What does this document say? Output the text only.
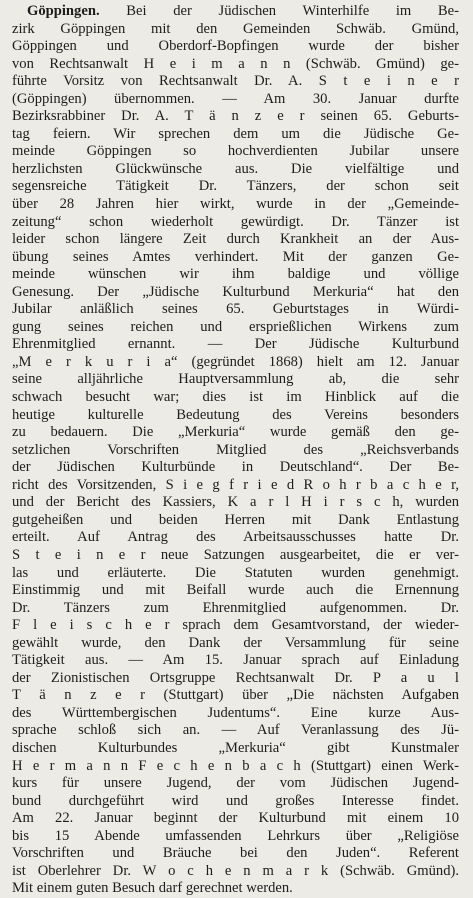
Göppingen. Bei der Jüdischen Winterhilfe im Be-
zirk Göppingen mit den Gemeinden Schwäb. Gmünd,
Göppingen und Oberdorf-Bopfingen wurde der bisher
von Rechtsanwalt H e i m a n n (Schwäb. Gmünd) ge-
führte Vorsitz von Rechtsanwalt Dr. A. S t e i n e r
(Göppingen) übernommen. — Am 30. Januar durfte
Bezirksrabbiner Dr. A. T ä n z e r seinen 65. Geburts-
tag feiern. Wir sprechen dem um die Jüdische Ge-
meinde Göppingen so hochverdienten Jubilar unsere
herzlichsten Glückwünsche aus. Die vielfältige und
segensreiche Tätigkeit Dr. Tänzers, der schon seit
über 28 Jahren hier wirkt, wurde in der „Gemeinde-
zeitung“ schon wiederholt gewürdigt. Dr. Tänzer ist
leider schon längere Zeit durch Krankheit an der Aus-
übung seines Amtes verhindert. Mit der ganzen Ge-
meinde wünschen wir ihm baldige und völlige
Genesung. Der „Jüdische Kulturbund Merkuria“ hat den
Jubilar anläßlich seines 65. Geburtstages in Würdi-
gung seines reichen und ersprießlichen Wirkens zum
Ehrenmitglied ernannt. — Der Jüdische Kulturbund
„M e r k u r i a“ (gegründet 1868) hielt am 12. Januar
seine alljährliche Hauptversammlung ab, die sehr
schwach besucht war; dies ist im Hinblick auf die
heutige kulturelle Bedeutung des Vereins besonders
zu bedauern. Die „Merkuria“ wurde gemäß den ge-
setzlichen Vorschriften Mitglied des „Reichsverbands
der Jüdischen Kulturbünde in Deutschland“. Der Be-
richt des Vorsitzenden, S i e g f r i e d R o h r b a c h e r,
und der Bericht des Kassiers, K a r l H i r s c h, wurden
gutgeheißen und beiden Herren mit Dank Entlastung
erteilt. Auf Antrag des Arbeitsausschusses hatte Dr.
S t e i n e r neue Satzungen ausgearbeitet, die er ver-
las und erläuterte. Die Statuten wurden genehmigt.
Einstimmig und mit Beifall wurde auch die Ernennung
Dr. Tänzers zum Ehrenmitglied aufgenommen. Dr.
F l e i s c h e r sprach dem Gesamtvorstand, der wieder-
gewählt wurde, den Dank der Versammlung für seine
Tätigkeit aus. — Am 15. Januar sprach auf Einladung
der Zionistischen Ortsgruppe Rechtsanwalt Dr. P a u l
T ä n z e r (Stuttgart) über „Die nächsten Aufgaben
des Württembergischen Judentums“. Eine kurze Aus-
sprache schloß sich an. — Auf Veranlassung des Jü-
dischen Kulturbundes „Merkuria“ gibt Kunstmaler
H e r m a n n F e c h e n b a c h (Stuttgart) einen Werk-
kurs für unsere Jugend, der vom Jüdischen Jugend-
bund durchgeführt wird und großes Interesse findet.
Am 22. Januar beginnt der Kulturbund mit einem 10
bis 15 Abende umfassenden Lehrkurs über „Religiöse
Vorschriften und Bräuche bei den Juden“. Referent
ist Oberlehrer Dr. W o c h e n m a r k (Schwäb. Gmünd).
Mit einem guten Besuch darf gerechnet werden.
